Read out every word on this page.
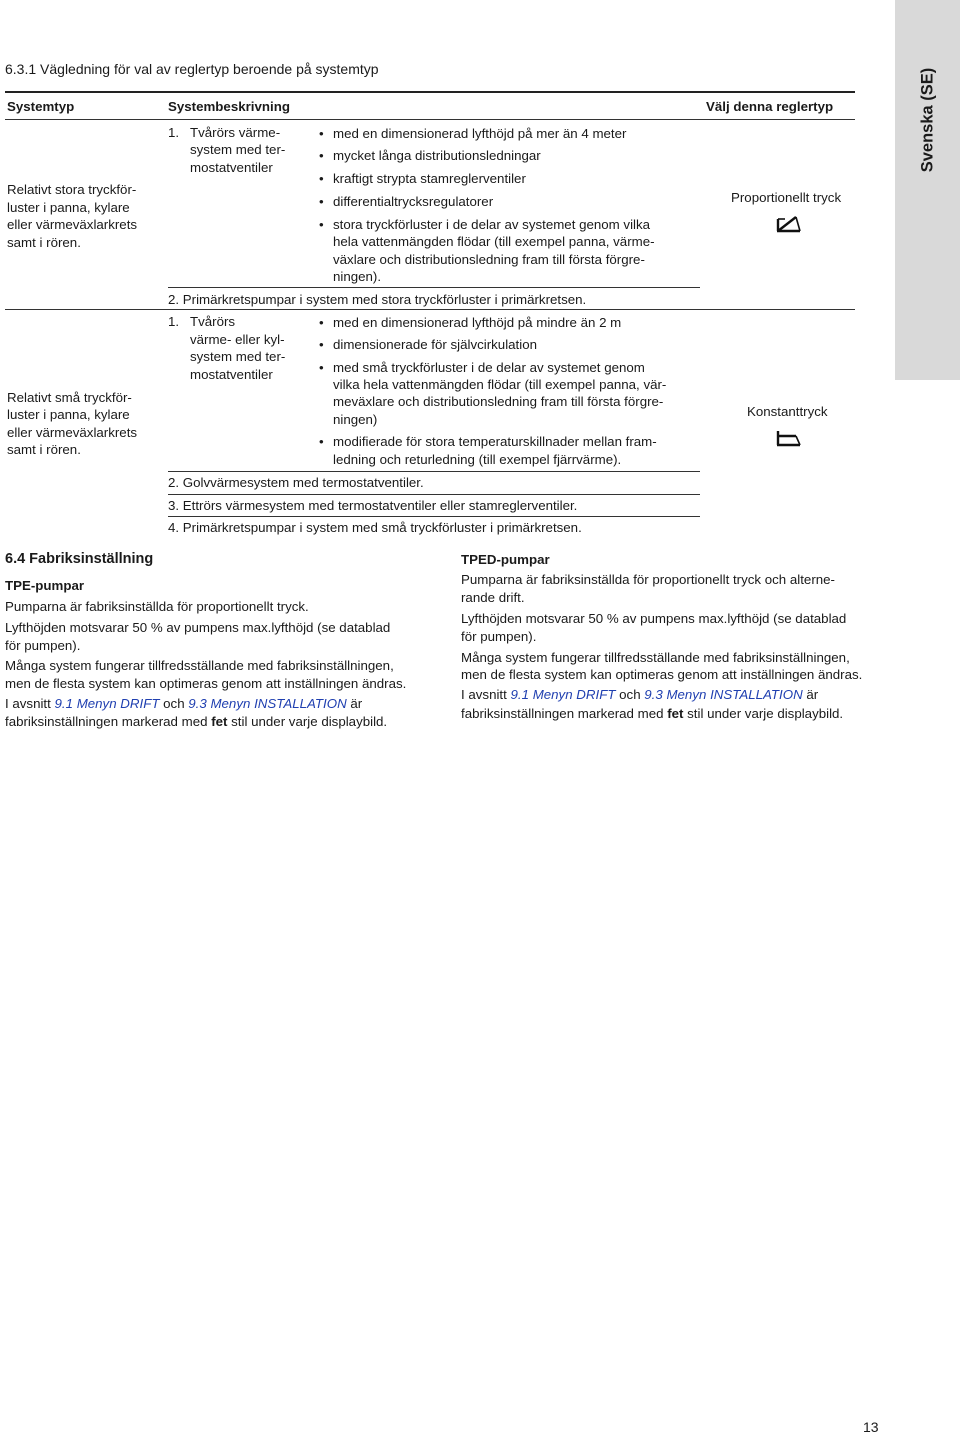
Svenska (SE)
6.3.1 Vägledning för val av reglertyp beroende på systemtyp
Systemtyp	Systembeskrivning	Välj denna reglertyp
Relativt stora tryckför-
luster i panna, kylare
eller värmeväxlarkrets
samt i rören.
1. Tvårörs värme-
system med ter-
mostatventiler
• med en dimensionerad lyfthöjd på mer än 4 meter
• mycket långa distributionsledningar
• kraftigt strypta stamreglerventiler
• differentialtrycksregulatorer
• stora tryckförluster i de delar av systemet genom vilka
hela vattenmängden flödar (till exempel panna, värme-
växlare och distributionsledning fram till första förgre-
ningen).
2. Primärkretspumpar i system med stora tryckförluster i primärkretsen.
Proportionellt tryck
Relativt små tryckför-
luster i panna, kylare
eller värmeväxlarkrets
samt i rören.
1. Tvårörs
värme- eller kyl-
system med ter-
mostatventiler
• med en dimensionerad lyfthöjd på mindre än 2 m
• dimensionerade för självcirkulation
• med små tryckförluster i de delar av systemet genom
vilka hela vattenmängden flödar (till exempel panna, vär-
meväxlare och distributionsledning fram till första förgre-
ningen)
• modifierade för stora temperaturskillnader mellan fram-
ledning och returledning (till exempel fjärrvärme).
2. Golvvärmesystem med termostatventiler.
3. Ettrörs värmesystem med termostatventiler eller stamreglerventiler.
4. Primärkretspumpar i system med små tryckförluster i primärkretsen.
Konstanttryck
6.4 Fabriksinställning
TPE-pumpar
Pumparna är fabriksinställda för proportionellt tryck.
Lyfthöjden motsvarar 50 % av pumpens max.lyfthöjd (se datablad
för pumpen).
Många system fungerar tillfredsställande med fabriksinställningen,
men de flesta system kan optimeras genom att inställningen ändras.
I avsnitt 9.1 Menyn DRIFT och 9.3 Menyn INSTALLATION är
fabriksinställningen markerad med fet stil under varje displaybild.
TPED-pumpar
Pumparna är fabriksinställda för proportionellt tryck och alterne-
rande drift.
Lyfthöjden motsvarar 50 % av pumpens max.lyfthöjd (se datablad
för pumpen).
Många system fungerar tillfredsställande med fabriksinställningen,
men de flesta system kan optimeras genom att inställningen ändras.
I avsnitt 9.1 Menyn DRIFT och 9.3 Menyn INSTALLATION är
fabriksinställningen markerad med fet stil under varje displaybild.
13
